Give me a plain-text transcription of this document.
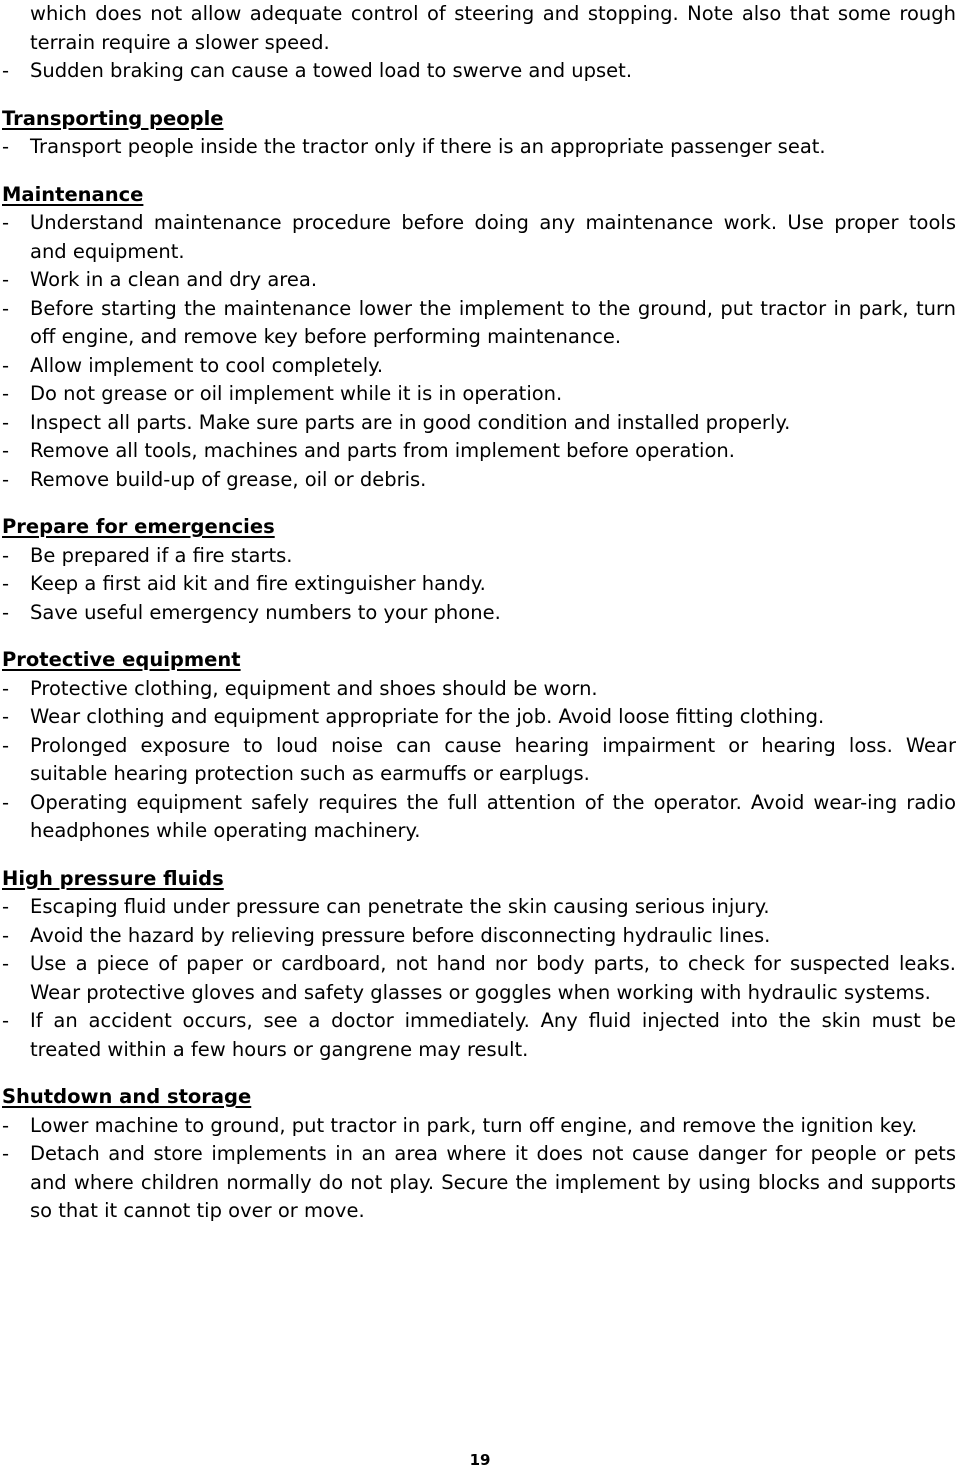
which does not allow adequate control of steering and stopping. Note also that some rough terrain require a slower speed.
- Sudden braking can cause a towed load to swerve and upset.
Transporting people
- Transport people inside the tractor only if there is an appropriate passenger seat.
Maintenance
- Understand maintenance procedure before doing any maintenance work. Use proper tools and equipment.
- Work in a clean and dry area.
- Before starting the maintenance lower the implement to the ground, put tractor in park, turn off engine, and remove key before performing maintenance.
- Allow implement to cool completely.
- Do not grease or oil implement while it is in operation.
- Inspect all parts. Make sure parts are in good condition and installed properly.
- Remove all tools, machines and parts from implement before operation.
- Remove build-up of grease, oil or debris.
Prepare for emergencies
- Be prepared if a fire starts.
- Keep a first aid kit and fire extinguisher handy.
- Save useful emergency numbers to your phone.
Protective equipment
- Protective clothing, equipment and shoes should be worn.
- Wear clothing and equipment appropriate for the job. Avoid loose fitting clothing.
- Prolonged exposure to loud noise can cause hearing impairment or hearing loss. Wear suitable hearing protection such as earmuffs or earplugs.
- Operating equipment safely requires the full attention of the operator. Avoid wear-ing radio headphones while operating machinery.
High pressure fluids
- Escaping fluid under pressure can penetrate the skin causing serious injury.
- Avoid the hazard by relieving pressure before disconnecting hydraulic lines.
- Use a piece of paper or cardboard, not hand nor body parts, to check for suspected leaks. Wear protective gloves and safety glasses or goggles when working with hydraulic systems.
- If an accident occurs, see a doctor immediately. Any fluid injected into the skin must be treated within a few hours or gangrene may result.
Shutdown and storage
- Lower machine to ground, put tractor in park, turn off engine, and remove the ignition key.
- Detach and store implements in an area where it does not cause danger for people or pets and where children normally do not play. Secure the implement by using blocks and supports so that it cannot tip over or move.
19
